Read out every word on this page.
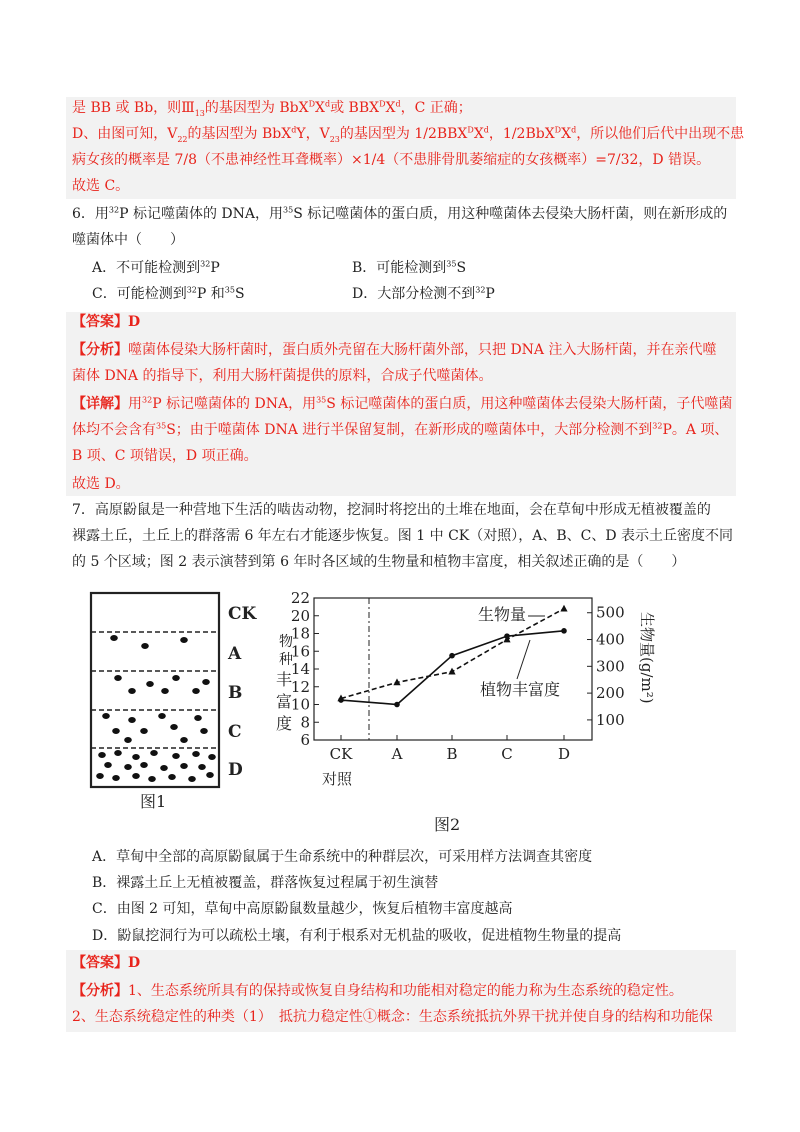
是 BB 或 Bb，则$Ⅲ_{13}$的基因型为 $BbX^DX^d$或 $BBX^DX^d$，C 正确；
D、由图可知，$V_{22}$的基因型为 BbX$^d$Y，$V_{23}$的基因型为 $1/2BBX^DX^d$，$1/2BbX^DX^d$，所以他们后代中出现不患
病女孩的概率是 7/8（不患神经性耳聋概率）×1/4（不患腓骨肌萎缩症的女孩概率）=7/32，D 错误。
故选 C。
6．用$^{32}$P 标记噬菌体的 DNA，用$^{35}$S 标记噬菌体的蛋白质，用这种噬菌体去侵染大肠杆菌，则在新形成的
噬菌体中（　　）
A．不可能检测到$^{32}$P	B．可能检测到$^{35}$S
C．可能检测到$^{32}$P 和$^{35}$S	D．大部分检测不到$^{32}$P
【答案】D
【分析】噬菌体侵染大肠杆菌时，蛋白质外壳留在大肠杆菌外部，只把 DNA 注入大肠杆菌，并在亲代噬
菌体 DNA 的指导下，利用大肠杆菌提供的原料，合成子代噬菌体。
【详解】用$^{32}$P 标记噬菌体的 DNA，用$^{35}$S 标记噬菌体的蛋白质，用这种噬菌体去侵染大肠杆菌，子代噬菌
体均不会含有$^{35}$S；由于噬菌体 DNA 进行半保留复制，在新形成的噬菌体中，大部分检测不到$^{32}$P。A 项、
B 项、C 项错误，D 项正确。
故选 D。
7．高原鼢鼠是一种营地下生活的啮齿动物，挖洞时将挖出的土堆在地面，会在草甸中形成无植被覆盖的
裸露土丘，土丘上的群落需 6 年左右才能逐步恢复。图 1 中 CK（对照），A、B、C、D 表示土丘密度不同
的 5 个区域；图 2 表示演替到第 6 年时各区域的生物量和植物丰富度，相关叙述正确的是（　　）
CK
A
B
C
D
图1
6
8
10
12
14
16
18
20
22
100
200
300
400
500
CK	A	B	C	D
物
种
丰
富
度
生物量(g/m²)
生物量
植物丰富度
对照
图2
A．草甸中全部的高原鼢鼠属于生命系统中的种群层次，可采用样方法调查其密度
B．裸露土丘上无植被覆盖，群落恢复过程属于初生演替
C．由图 2 可知，草甸中高原鼢鼠数量越少，恢复后植物丰富度越高
D．鼢鼠挖洞行为可以疏松土壤，有利于根系对无机盐的吸收，促进植物生物量的提高
【答案】D
【分析】1、生态系统所具有的保持或恢复自身结构和功能相对稳定的能力称为生态系统的稳定性。
2、生态系统稳定性的种类（1）　抵抗力稳定性①概念：生态系统抵抗外界干扰并使自身的结构和功能保
